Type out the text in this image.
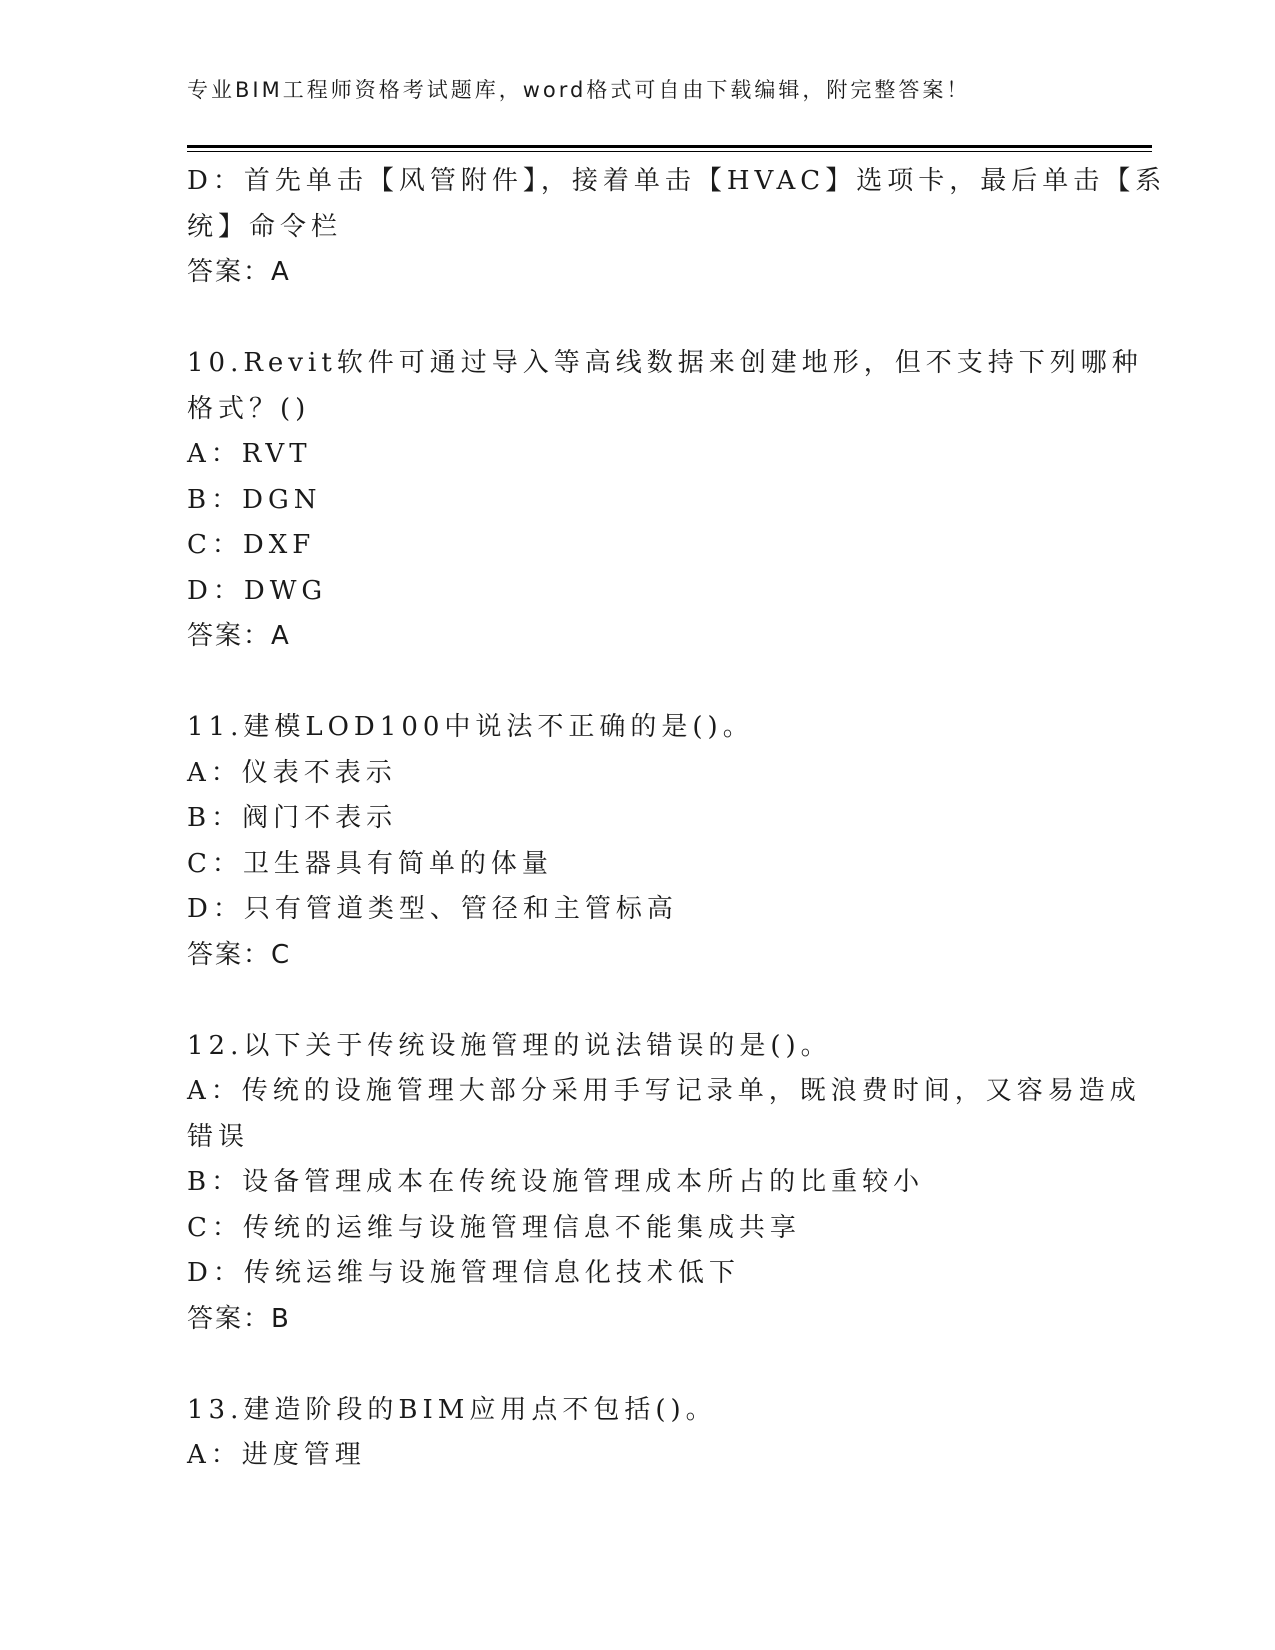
专业BIM工程师资格考试题库，word格式可自由下载编辑，附完整答案！
D：首先单击【风管附件】，接着单击【HVAC】选项卡，最后单击【系
统】命令栏
答案：A
10.Revit软件可通过导入等高线数据来创建地形，但不支持下列哪种
格式？()
A：RVT
B：DGN
C：DXF
D：DWG
答案：A
11.建模LOD100中说法不正确的是()。
A：仪表不表示
B：阀门不表示
C：卫生器具有简单的体量
D：只有管道类型、管径和主管标高
答案：C
12.以下关于传统设施管理的说法错误的是()。
A：传统的设施管理大部分采用手写记录单，既浪费时间，又容易造成
错误
B：设备管理成本在传统设施管理成本所占的比重较小
C：传统的运维与设施管理信息不能集成共享
D：传统运维与设施管理信息化技术低下
答案：B
13.建造阶段的BIM应用点不包括()。
A：进度管理
